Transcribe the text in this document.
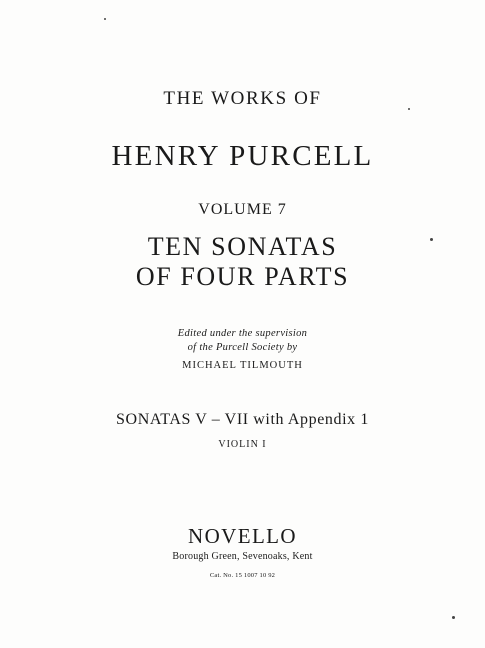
THE WORKS OF
HENRY PURCELL
VOLUME 7
TEN SONATAS
OF FOUR PARTS
Edited under the supervision
of the Purcell Society by
MICHAEL TILMOUTH
SONATAS V – VII with Appendix 1
VIOLIN I
NOVELLO
Borough Green, Sevenoaks, Kent
Cat. No. 15 1007 10 92
